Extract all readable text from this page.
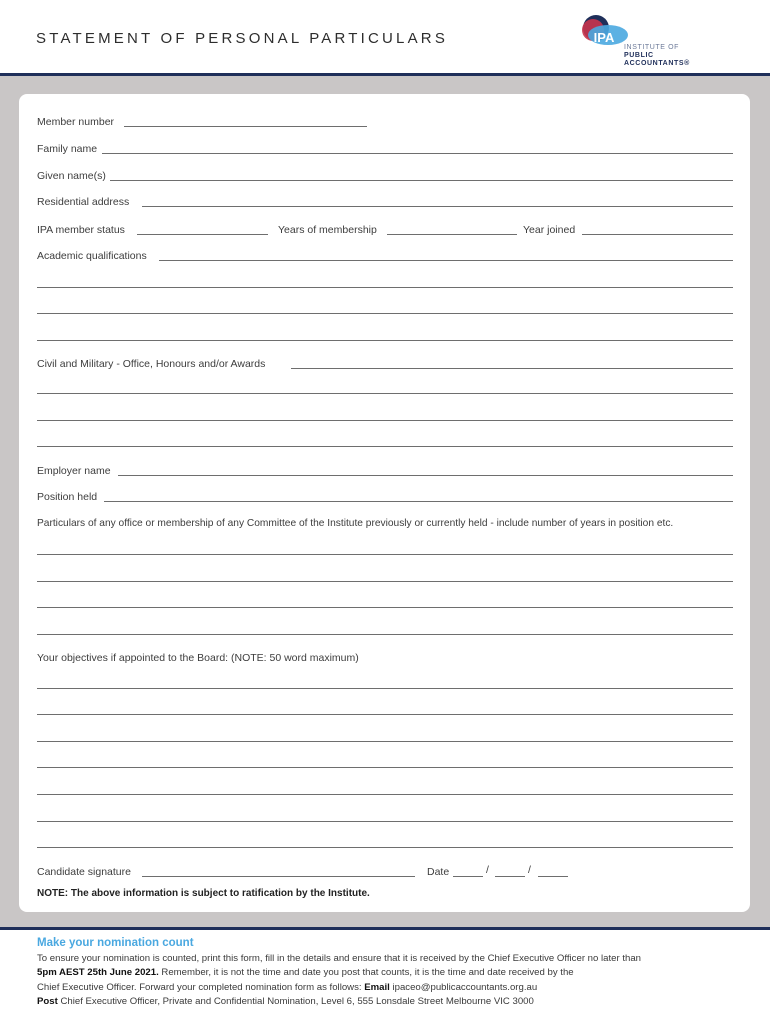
STATEMENT OF PERSONAL PARTICULARS	IPA
INSTITUTE OF
PUBLIC
ACCOUNTANTS®
Member number
Family name
Given name(s)
Residential address
IPA member status	Years of membership	Year joined
Academic qualifications
Civil and Military - Office, Honours and/or Awards
Employer name
Position held
Particulars of any office or membership of any Committee of the Institute previously or currently held - include number of years in position etc.
Your objectives if appointed to the Board: (NOTE: 50 word maximum)
Candidate signature	Date	/	/
NOTE: The above information is subject to ratification by the Institute.
Make your nomination count
To ensure your nomination is counted, print this form, fill in the details and ensure that it is received by the Chief Executive Officer no later than
5pm AEST 25th June 2021. Remember, it is not the time and date you post that counts, it is the time and date received by the
Chief Executive Officer. Forward your completed nomination form as follows: Email ipaceo@publicaccountants.org.au
Post Chief Executive Officer, Private and Confidential Nomination, Level 6, 555 Lonsdale Street Melbourne VIC 3000
